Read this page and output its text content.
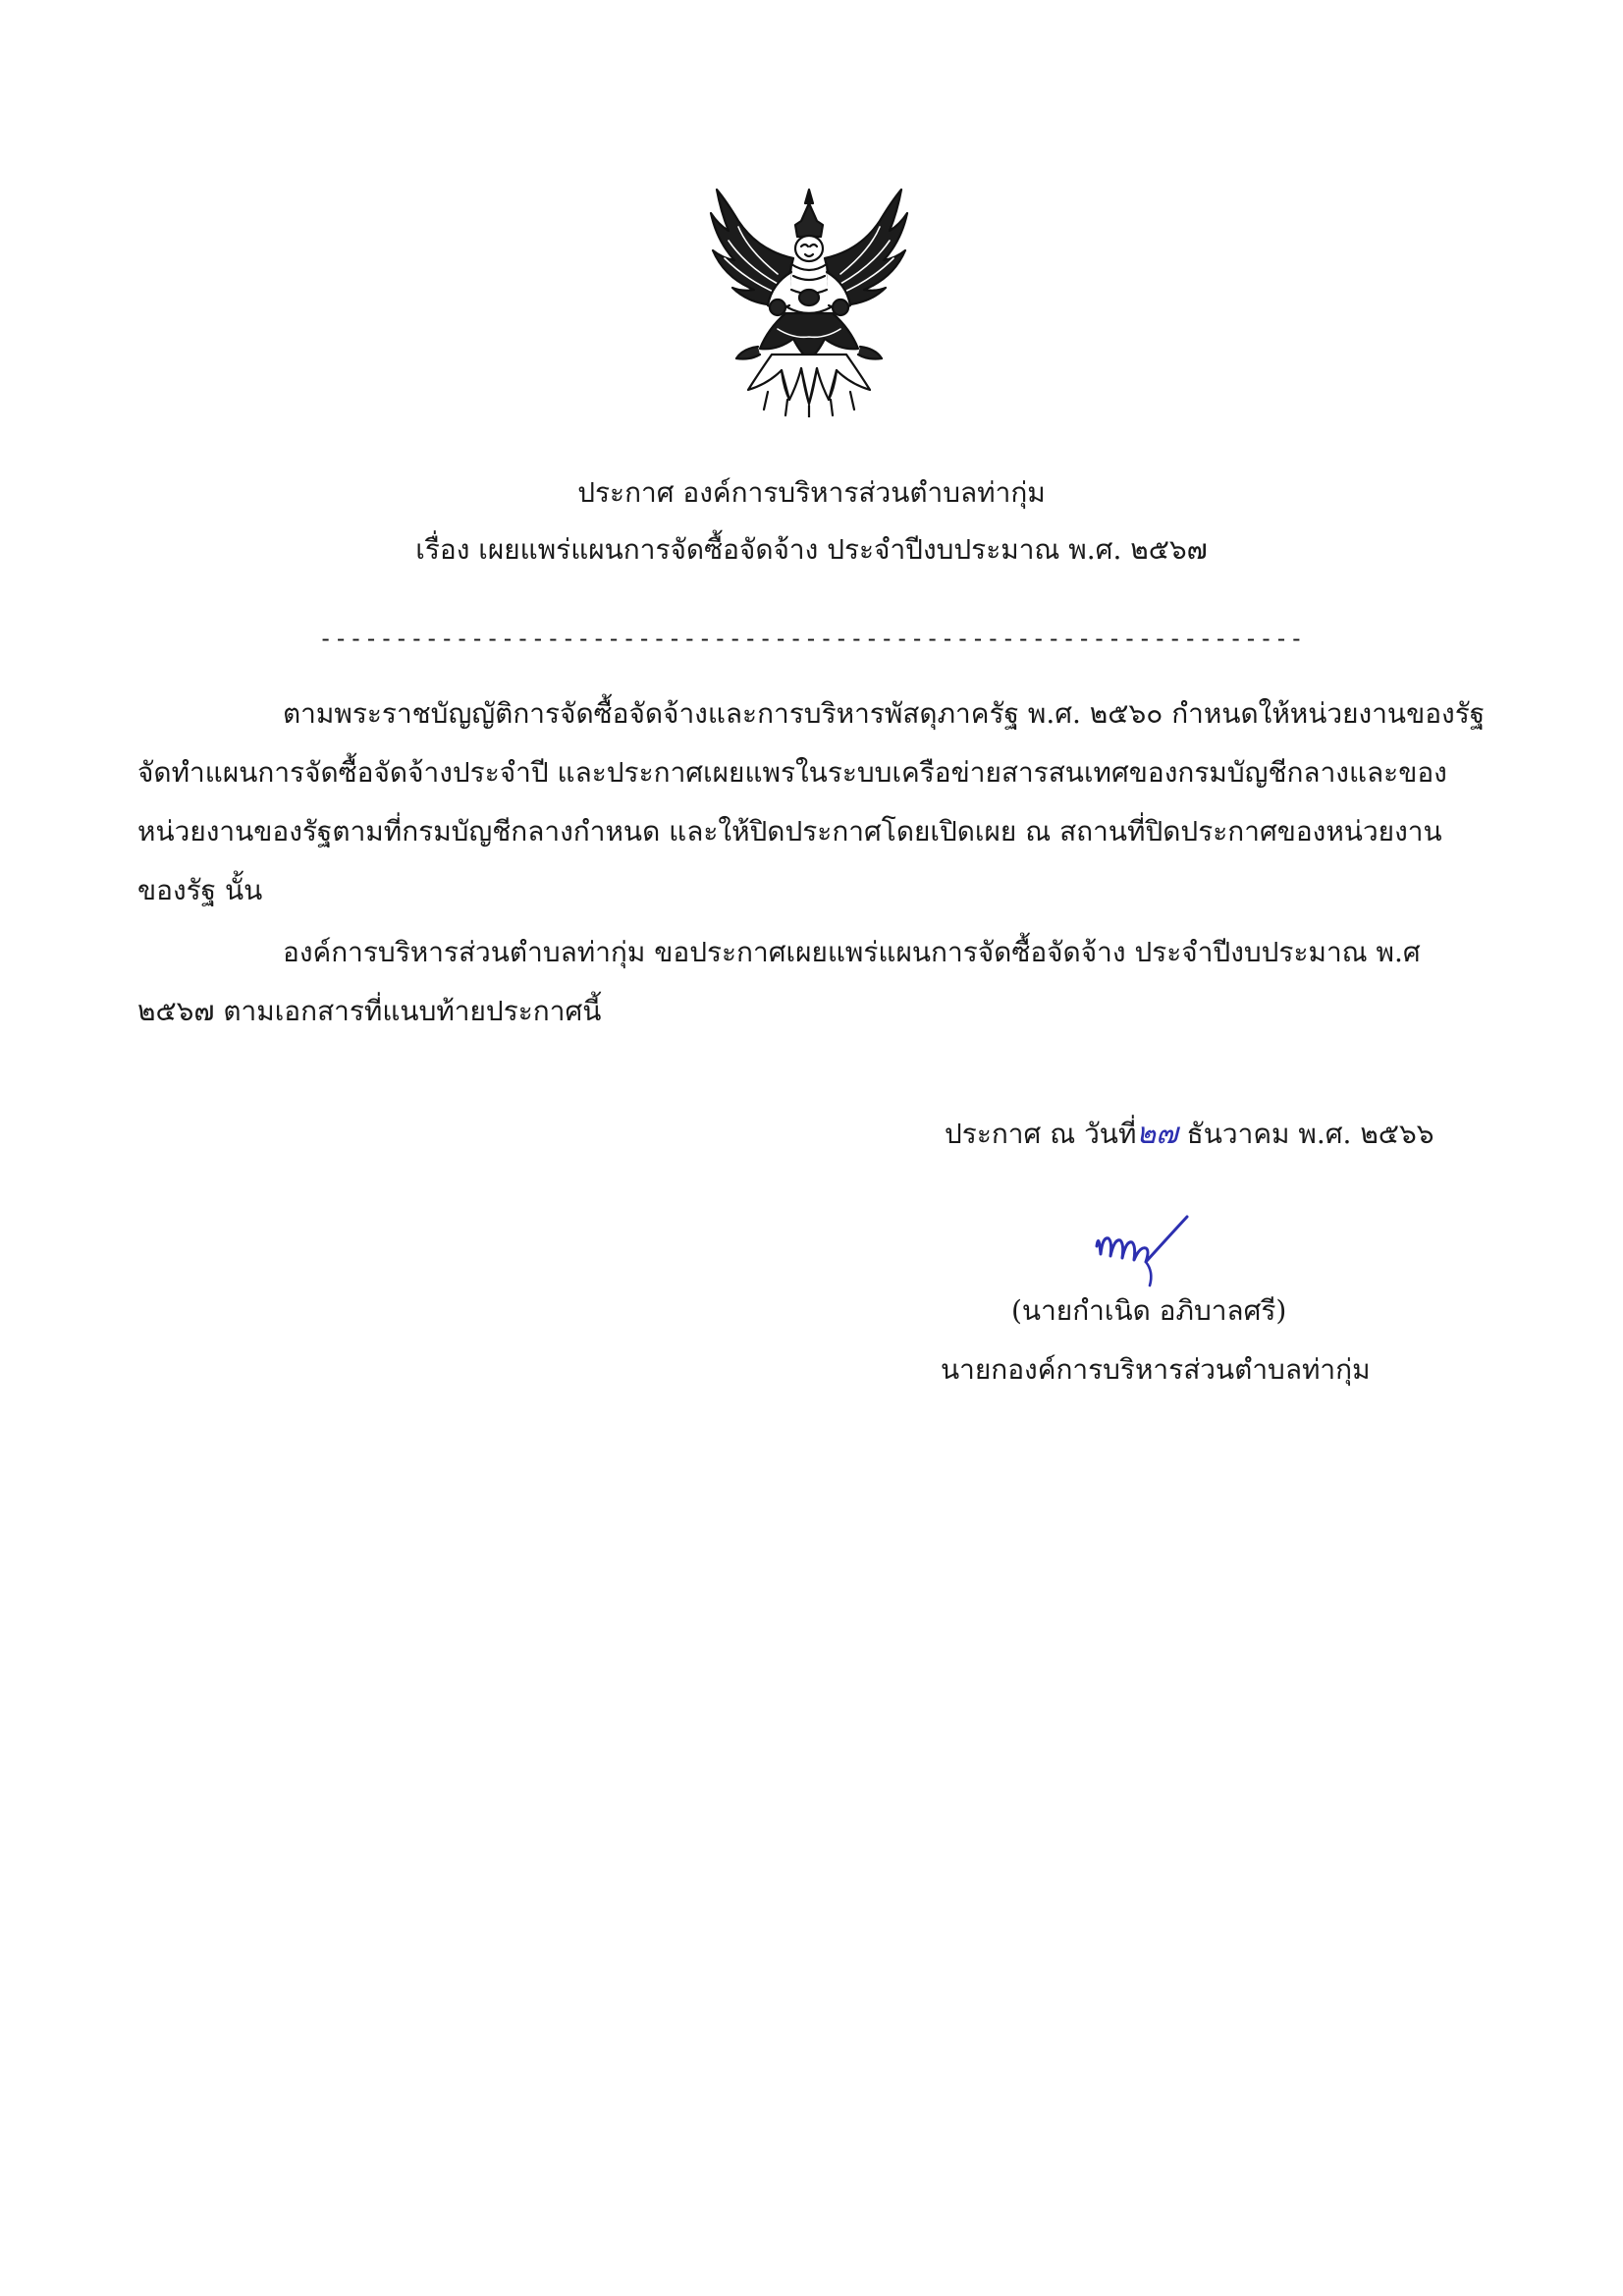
ประกาศ องค์การบริหารส่วนตำบลท่ากุ่ม
เรื่อง เผยแพร่แผนการจัดซื้อจัดจ้าง ประจำปีงบประมาณ พ.ศ. ๒๕๖๗
-----------------------------------------------------------------
ตามพระราชบัญญัติการจัดซื้อจัดจ้างและการบริหารพัสดุภาครัฐ พ.ศ. ๒๕๖๐ กำหนดให้หน่วยงานของรัฐ
จัดทำแผนการจัดซื้อจัดจ้างประจำปี และประกาศเผยแพรในระบบเครือข่ายสารสนเทศของกรมบัญชีกลางและของ
หน่วยงานของรัฐตามที่กรมบัญชีกลางกำหนด และให้ปิดประกาศโดยเปิดเผย ณ สถานที่ปิดประกาศของหน่วยงาน
ของรัฐ นั้น
องค์การบริหารส่วนตำบลท่ากุ่ม ขอประกาศเผยแพร่แผนการจัดซื้อจัดจ้าง ประจำปีงบประมาณ พ.ศ
๒๕๖๗ ตามเอกสารที่แนบท้ายประกาศนี้
ประกาศ ณ วันที่๒๗ ธันวาคม พ.ศ. ๒๕๖๖
(นายกำเนิด อภิบาลศรี)
นายกองค์การบริหารส่วนตำบลท่ากุ่ม
